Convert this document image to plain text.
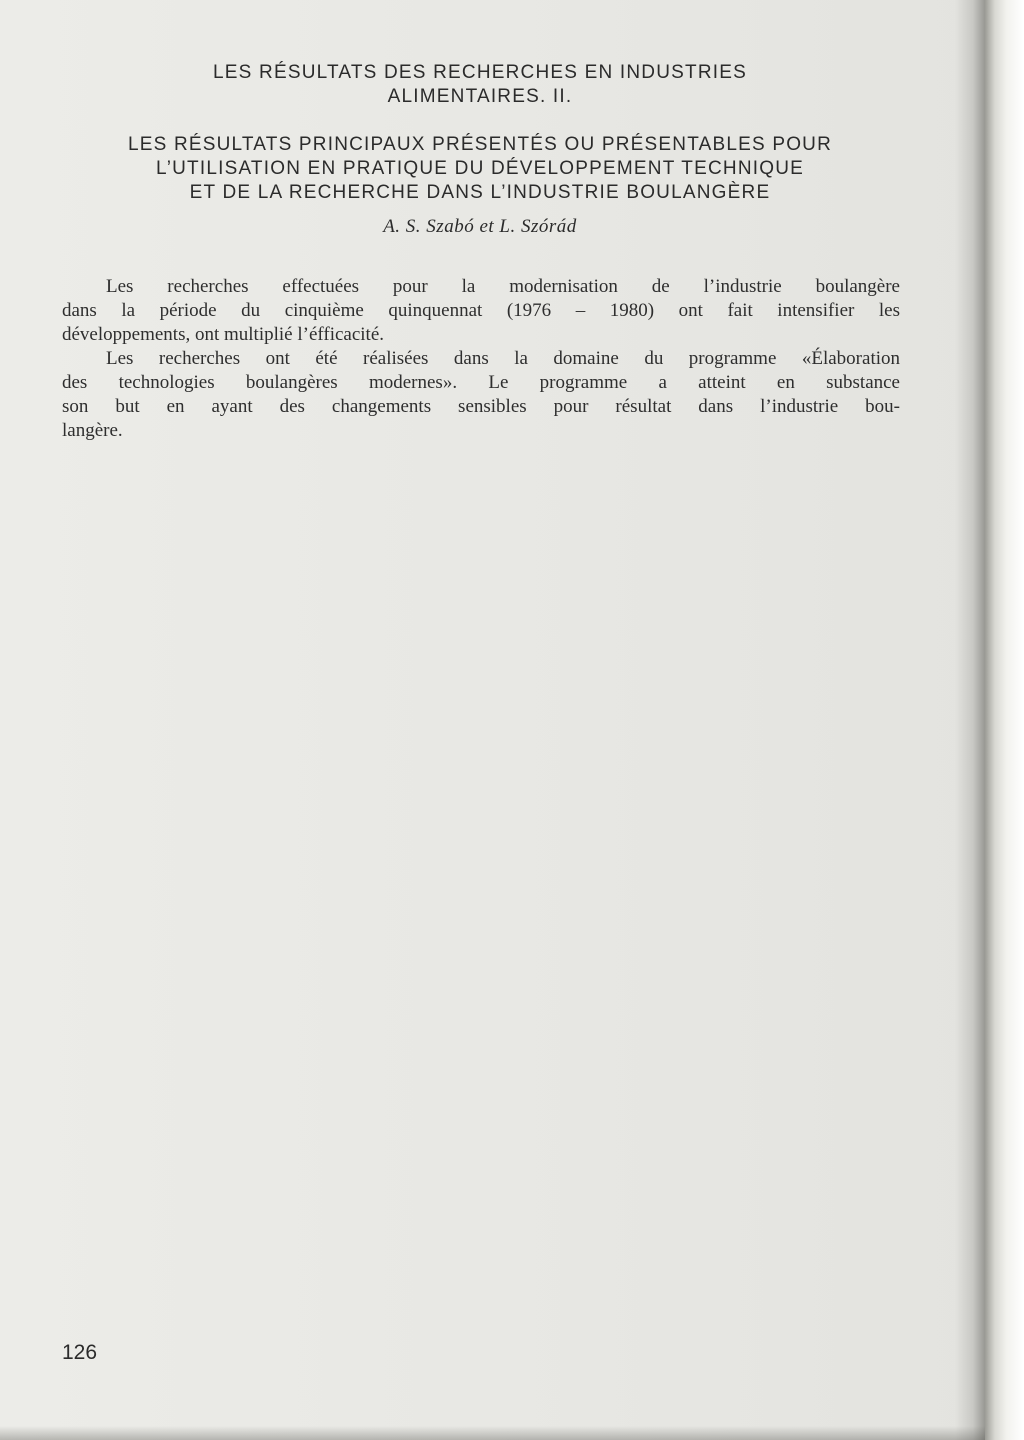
LES RÉSULTATS DES RECHERCHES EN INDUSTRIES
ALIMENTAIRES. II.
LES RÉSULTATS PRINCIPAUX PRÉSENTÉS OU PRÉSENTABLES POUR
L’UTILISATION EN PRATIQUE DU DÉVELOPPEMENT TECHNIQUE
ET DE LA RECHERCHE DANS L’INDUSTRIE BOULANGÈRE
A. S. Szabó et L. Szórád
Les recherches effectuées pour la modernisation de l’industrie boulangère
dans la période du cinquième quinquennat (1976 – 1980) ont fait intensifier les
développements, ont multiplié l’éfficacité.
Les recherches ont été réalisées dans la domaine du programme «Élaboration
des technologies boulangères modernes». Le programme a atteint en substance
son but en ayant des changements sensibles pour résultat dans l’industrie bou-
langère.
126
